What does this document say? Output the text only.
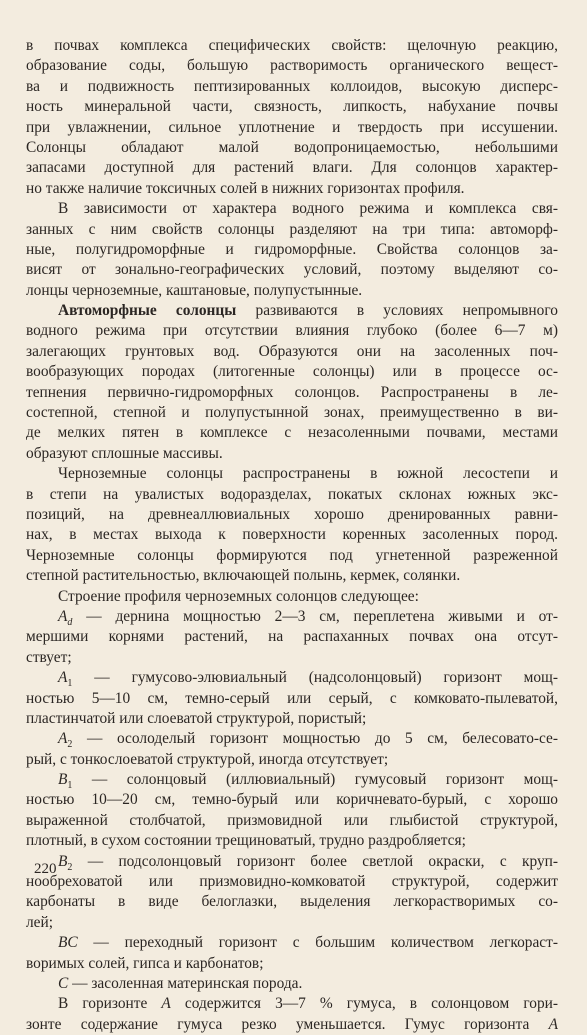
в почвах комплекса специфических свойств: щелочную реакцию,
образование соды, большую растворимость органического вещест-
ва и подвижность пептизированных коллоидов, высокую дисперс-
ность минеральной части, связность, липкость, набухание почвы
при увлажнении, сильное уплотнение и твердость при иссушении.
Солонцы обладают малой водопроницаемостью, небольшими
запасами доступной для растений влаги. Для солонцов характер-
но также наличие токсичных солей в нижних горизонтах профиля.
В зависимости от характера водного режима и комплекса свя-
занных с ним свойств солонцы разделяют на три типа: автоморф-
ные, полугидроморфные и гидроморфные. Свойства солонцов за-
висят от зонально-географических условий, поэтому выделяют со-
лонцы черноземные, каштановые, полупустынные.
Автоморфные солонцы развиваются в условиях непромывного
водного режима при отсутствии влияния глубоко (более 6—7 м)
залегающих грунтовых вод. Образуются они на засоленных поч-
вообразующих породах (литогенные солонцы) или в процессе ос-
тепнения первично-гидроморфных солонцов. Распространены в ле-
состепной, степной и полупустынной зонах, преимущественно в ви-
де мелких пятен в комплексе с незасоленными почвами, местами
образуют сплошные массивы.
Черноземные солонцы распространены в южной лесостепи и
в степи на увалистых водоразделах, покатых склонах южных экс-
позиций, на древнеаллювиальных хорошо дренированных равни-
нах, в местах выхода к поверхности коренных засоленных пород.
Черноземные солонцы формируются под угнетенной разреженной
степной растительностью, включающей полынь, кермек, солянки.
Строение профиля черноземных солонцов следующее:
$A_d$ — дернина мощностью 2—3 см, переплетена живыми и от-
мершими корнями растений, на распаханных почвах она отсут-
ствует;
$A_1$ — гумусово-элювиальный (надсолонцовый) горизонт мощ-
ностью 5—10 см, темно-серый или серый, с комковато-пылеватой,
пластинчатой или слоеватой структурой, пористый;
$A_2$ — осолоделый горизонт мощностью до 5 см, белесовато-се-
рый, с тонкослоеватой структурой, иногда отсутствует;
$B_1$ — солонцовый (иллювиальный) гумусовый горизонт мощ-
ностью 10—20 см, темно-бурый или коричневато-бурый, с хорошо
выраженной столбчатой, призмовидной или глыбистой структурой,
плотный, в сухом состоянии трещиноватый, трудно раздробляется;
$B_2$ — подсолонцовый горизонт более светлой окраски, с круп-
нообреховатой или призмовидно-комковатой структурой, содержит
карбонаты в виде белоглазки, выделения легкорастворимых со-
лей;
BC — переходный горизонт с большим количеством легкораст-
воримых солей, гипса и карбонатов;
C — засоленная материнская порода.
В горизонте A содержится 3—7 % гумуса, в солонцовом гори-
зонте содержание гумуса резко уменьшается. Гумус горизонта A
220
